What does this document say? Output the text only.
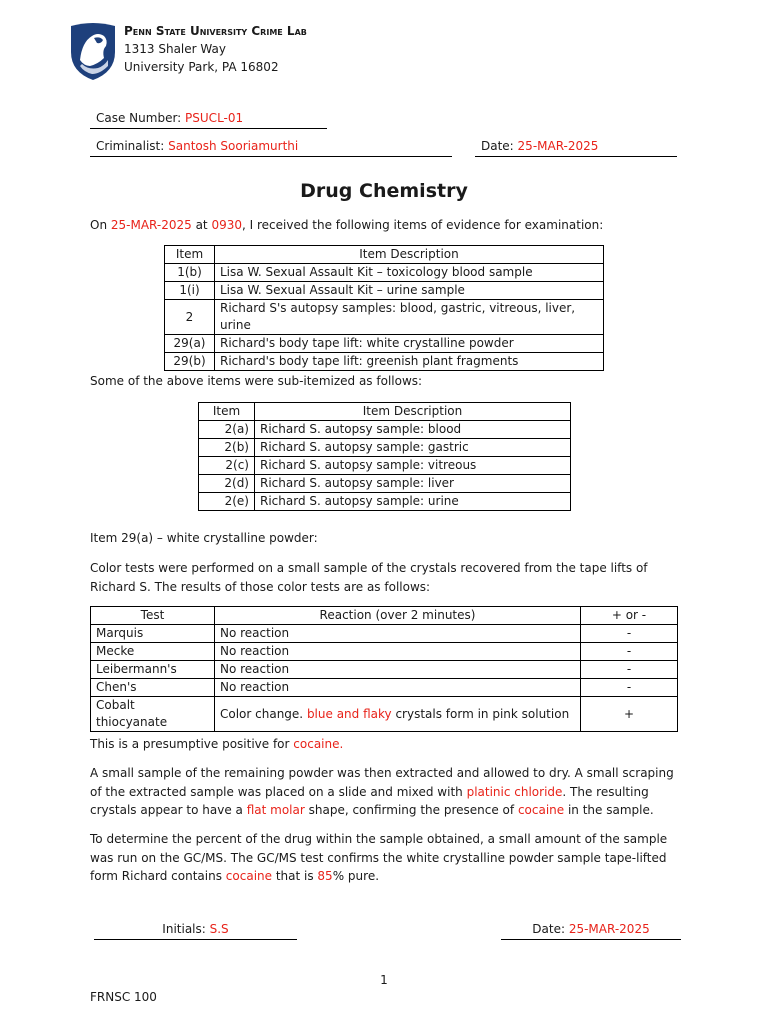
Penn State University Crime Lab
1313 Shaler Way
University Park, PA 16802
Case Number: PSUCL-01
Criminalist: Santosh Sooriamurthi	Date: 25-MAR-2025
Drug Chemistry
On 25-MAR-2025 at 0930, I received the following items of evidence for examination:
Item	Item Description
1(b)	Lisa W. Sexual Assault Kit – toxicology blood sample
1(i)	Lisa W. Sexual Assault Kit – urine sample
2	Richard S's autopsy samples: blood, gastric, vitreous, liver, urine
29(a)	Richard's body tape lift: white crystalline powder
29(b)	Richard's body tape lift: greenish plant fragments
Some of the above items were sub-itemized as follows:
Item	Item Description
2(a)	Richard S. autopsy sample: blood
2(b)	Richard S. autopsy sample: gastric
2(c)	Richard S. autopsy sample: vitreous
2(d)	Richard S. autopsy sample: liver
2(e)	Richard S. autopsy sample: urine
Item 29(a) – white crystalline powder:
Color tests were performed on a small sample of the crystals recovered from the tape lifts of Richard S. The results of those color tests are as follows:
Test	Reaction (over 2 minutes)	+ or -
Marquis	No reaction	-
Mecke	No reaction	-
Leibermann's	No reaction	-
Chen's	No reaction	-
Cobalt thiocyanate	Color change. blue and flaky crystals form in pink solution	+
This is a presumptive positive for cocaine.
A small sample of the remaining powder was then extracted and allowed to dry. A small scraping of the extracted sample was placed on a slide and mixed with platinic chloride. The resulting crystals appear to have a flat molar shape, confirming the presence of cocaine in the sample.
To determine the percent of the drug within the sample obtained, a small amount of the sample was run on the GC/MS. The GC/MS test confirms the white crystalline powder sample tape-lifted form Richard contains cocaine that is 85% pure.
Initials: S.S	Date: 25-MAR-2025
1
FRNSC 100
